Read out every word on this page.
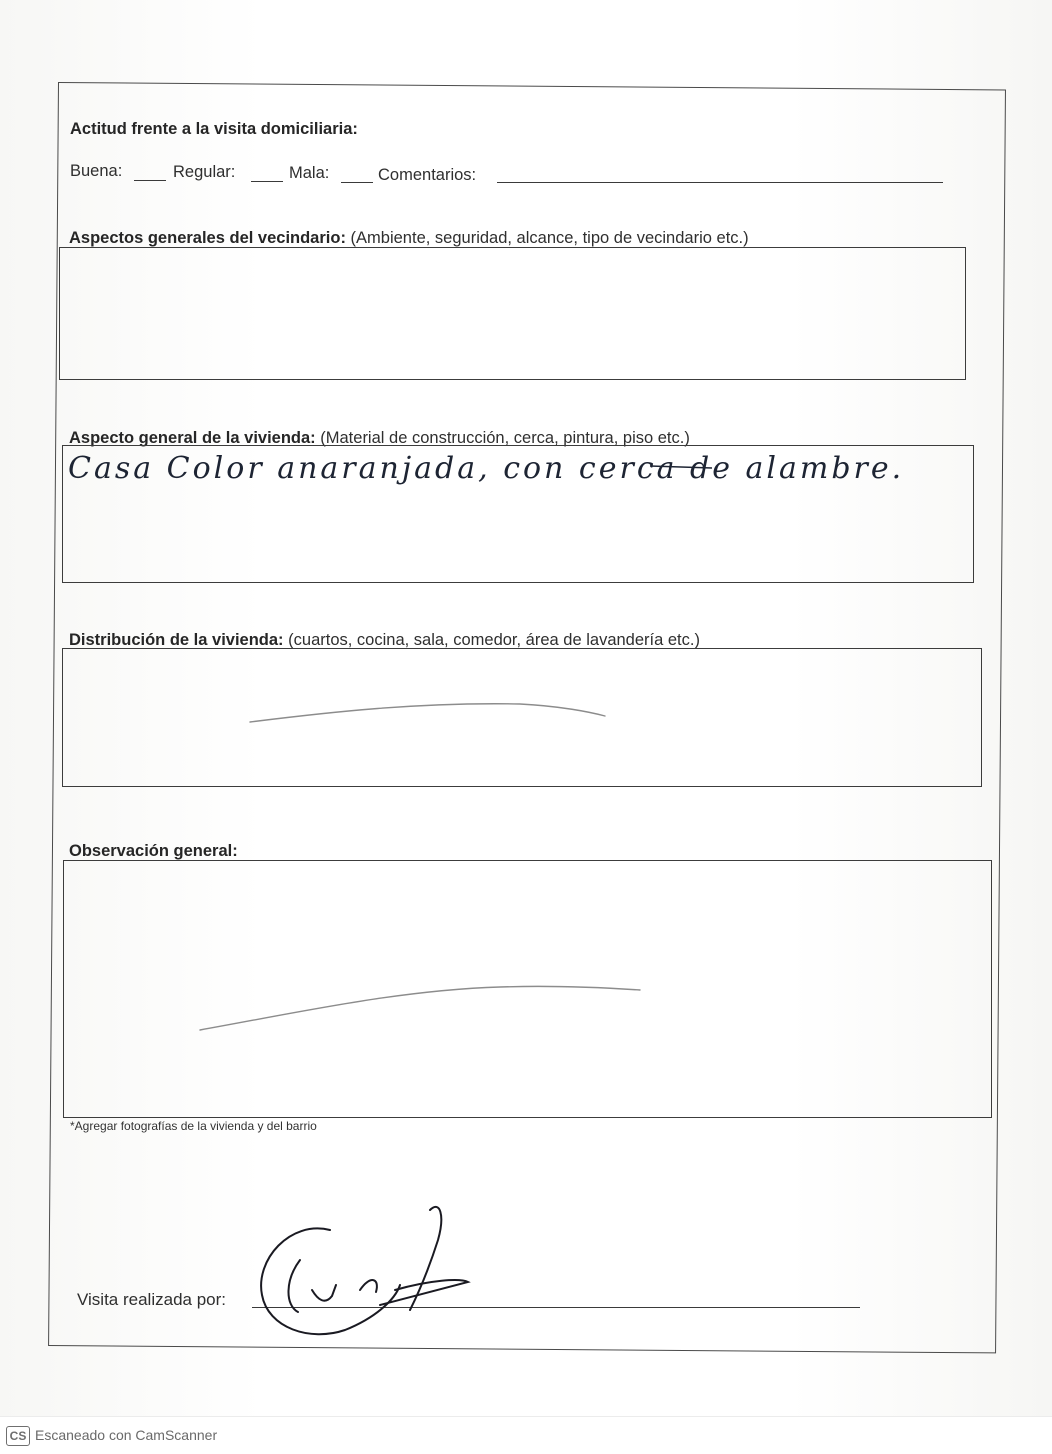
Actitud frente a la visita domiciliaria:
Buena:	Regular:	Mala:	Comentarios:
Aspectos generales del vecindario: (Ambiente, seguridad, alcance, tipo de vecindario etc.)
Aspecto general de la vivienda: (Material de construcción, cerca, pintura, piso etc.)
Casa Color anaranjada, con cerca de alambre.
Distribución de la vivienda: (cuartos, cocina, sala, comedor, área de lavandería etc.)
Observación general:
*Agregar fotografías de la vivienda y del barrio
Visita realizada por:
CS Escaneado con CamScanner
